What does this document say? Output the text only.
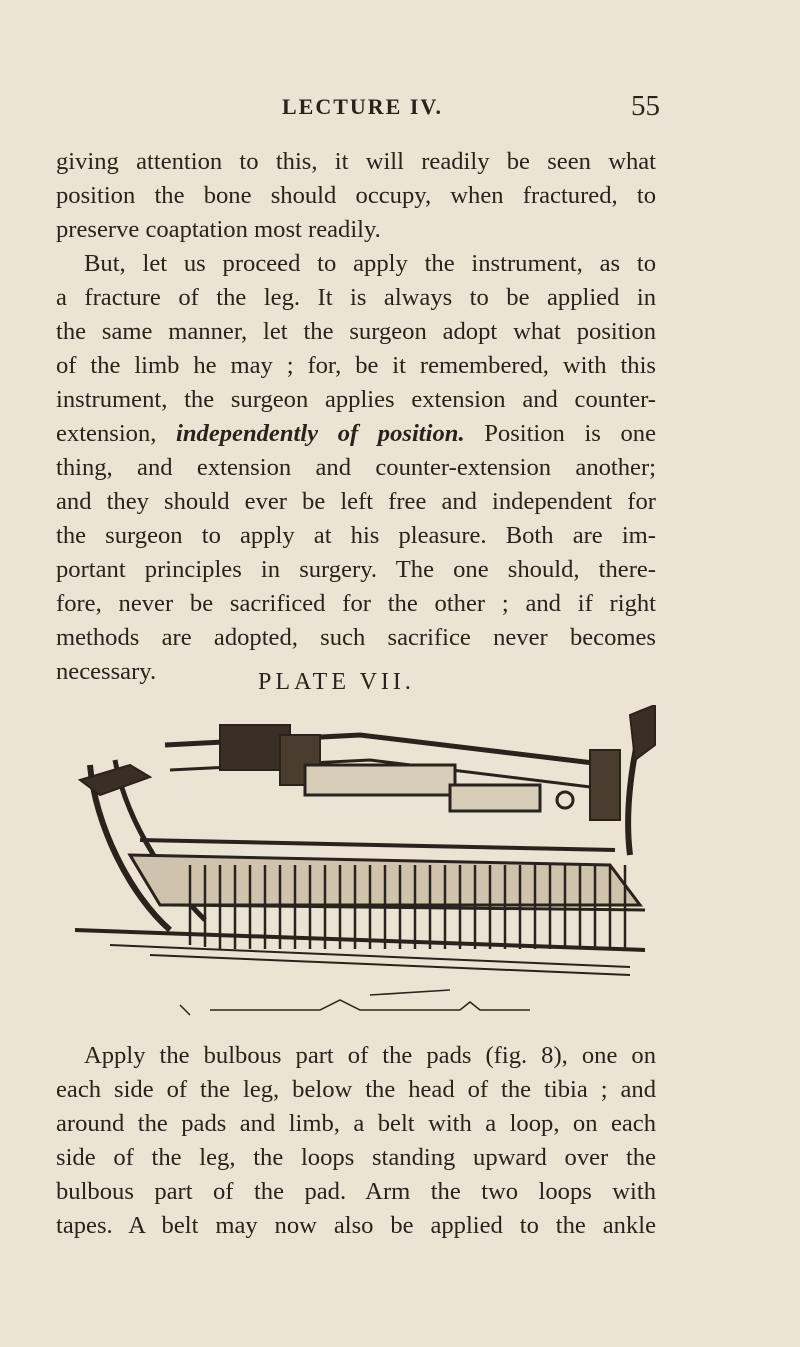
LECTURE IV.	55

giving attention to this, it will readily be seen what
position the bone should occupy, when fractured, to
preserve coaptation most readily.

But, let us proceed to apply the instrument, as to
a fracture of the leg. It is always to be applied in
the same manner, let the surgeon adopt what position
of the limb he may ; for, be it remembered, with this
instrument, the surgeon applies extension and counter-
extension, independently of position. Position is one
thing, and extension and counter-extension another;
and they should ever be left free and independent for
the surgeon to apply at his pleasure. Both are im-
portant principles in surgery. The one should, there-
fore, never be sacrificed for the other ; and if right
methods are adopted, such sacrifice never becomes
necessary.	PLATE VII.

Apply the bulbous part of the pads (fig. 8), one on
each side of the leg, below the head of the tibia ; and
around the pads and limb, a belt with a loop, on each
side of the leg, the loops standing upward over the
bulbous part of the pad. Arm the two loops with
tapes. A belt may now also be applied to the ankle
